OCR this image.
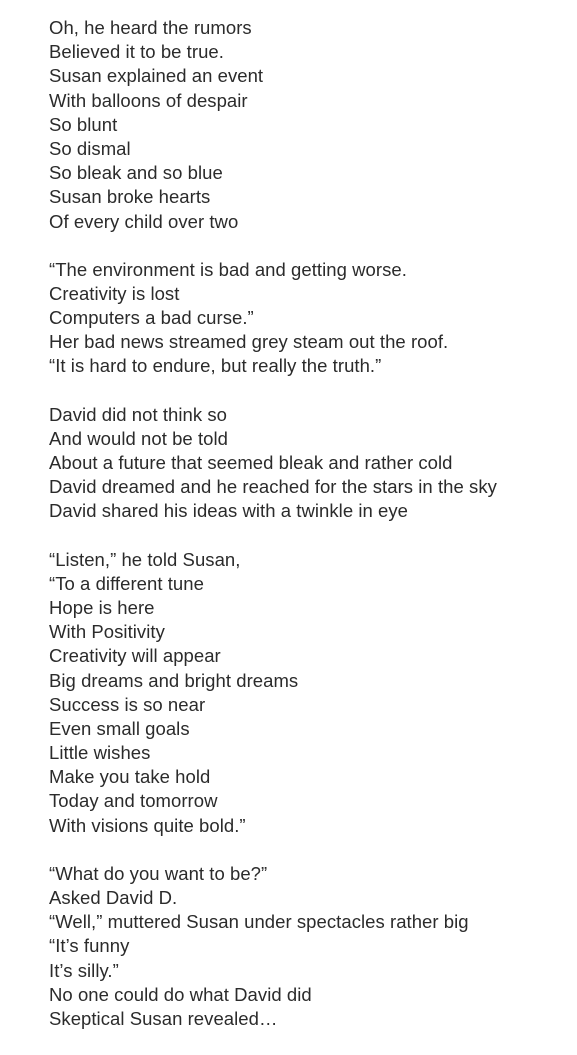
Oh, he heard the rumors
Believed it to be true.
Susan explained an event
With balloons of despair
So blunt
So dismal
So bleak and so blue
Susan broke hearts
Of every child over two
“The environment is bad and getting worse.
Creativity is lost
Computers a bad curse.”
Her bad news streamed grey steam out the roof.
“It is hard to endure, but really the truth.”
David did not think so
And would not be told
About a future that seemed bleak and rather cold
David dreamed and he reached for the stars in the sky
David shared his ideas with a twinkle in eye
“Listen,” he told Susan,
“To a different tune
Hope is here
With Positivity
Creativity will appear
Big dreams and bright dreams
Success is so near
Even small goals
Little wishes
Make you take hold
Today and tomorrow
With visions quite bold.”
“What do you want to be?”
Asked David D.
“Well,” muttered Susan under spectacles rather big
“It’s funny
It’s silly.”
No one could do what David did
Skeptical Susan revealed…
